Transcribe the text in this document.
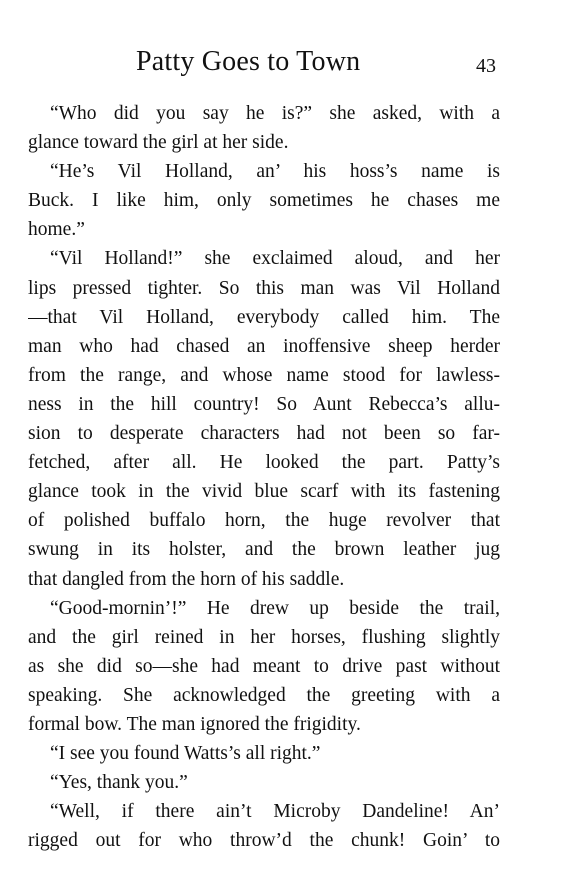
Patty Goes to Town	43
“Who did you say he is?” she asked, with a
glance toward the girl at her side.
“He’s Vil Holland, an’ his hoss’s name is
Buck. I like him, only sometimes he chases me
home.”
“Vil Holland!” she exclaimed aloud, and her
lips pressed tighter. So this man was Vil Holland
—that Vil Holland, everybody called him. The
man who had chased an inoffensive sheep herder
from the range, and whose name stood for lawless-
ness in the hill country! So Aunt Rebecca’s allu-
sion to desperate characters had not been so far-
fetched, after all. He looked the part. Patty’s
glance took in the vivid blue scarf with its fastening
of polished buffalo horn, the huge revolver that
swung in its holster, and the brown leather jug
that dangled from the horn of his saddle.
“Good-mornin’!” He drew up beside the trail,
and the girl reined in her horses, flushing slightly
as she did so—she had meant to drive past without
speaking. She acknowledged the greeting with a
formal bow. The man ignored the frigidity.
“I see you found Watts’s all right.”
“Yes, thank you.”
“Well, if there ain’t Microby Dandeline! An’
rigged out for who throw’d the chunk! Goin’ to
